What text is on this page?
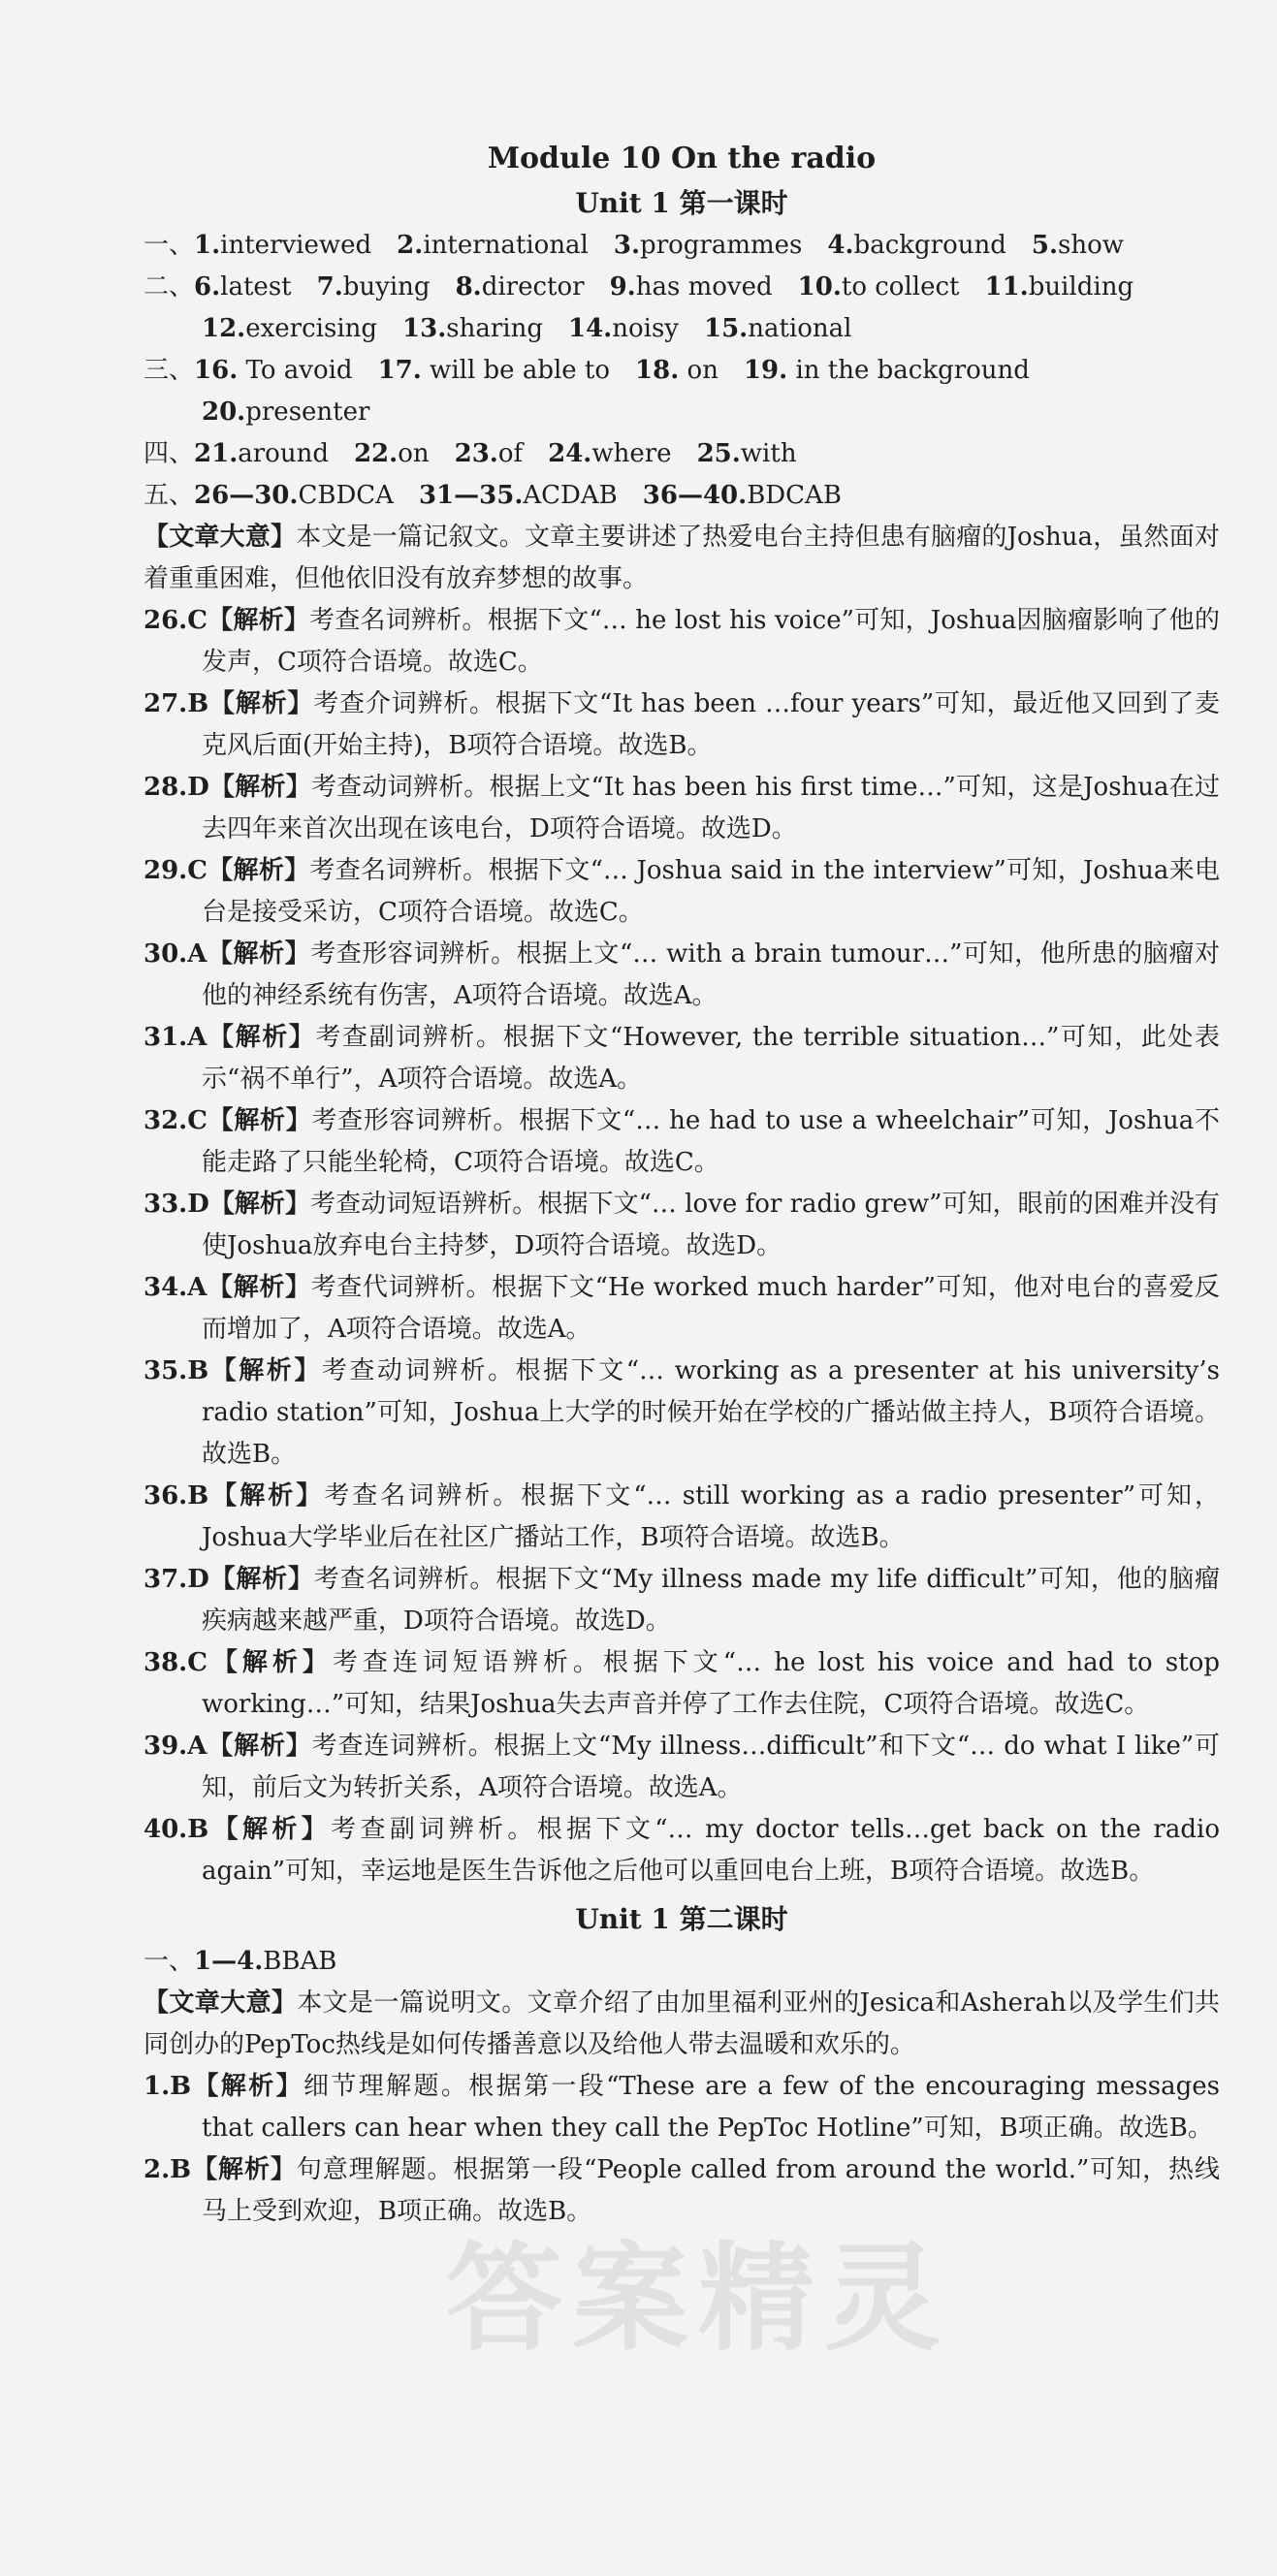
Module 10 On the radio
Unit 1 第一课时

一、1.interviewed 2.international 3.programmes 4.background 5.show

二、6.latest 7.buying 8.director 9.has moved 10.to collect 11.building

12.exercising 13.sharing 14.noisy 15.national

三、16. To avoid 17. will be able to 18. on 19. in the background

20.presenter

四、21.around 22.on 23.of 24.where 25.with

五、26—30.CBDCA 31—35.ACDAB 36—40.BDCAB

【文章大意】本文是一篇记叙文。文章主要讲述了热爱电台主持但患有脑瘤的Joshua，虽然面对着重重困难，但他依旧没有放弃梦想的故事。

26.C【解析】考查名词辨析。根据下文“… he lost his voice”可知，Joshua因脑瘤影响了他的发声，C项符合语境。故选C。

27.B【解析】考查介词辨析。根据下文“It has been …four years”可知，最近他又回到了麦克风后面(开始主持)，B项符合语境。故选B。

28.D【解析】考查动词辨析。根据上文“It has been his first time…”可知，这是Joshua在过去四年来首次出现在该电台，D项符合语境。故选D。

29.C【解析】考查名词辨析。根据下文“… Joshua said in the interview”可知，Joshua来电台是接受采访，C项符合语境。故选C。

30.A【解析】考查形容词辨析。根据上文“… with a brain tumour…”可知，他所患的脑瘤对他的神经系统有伤害，A项符合语境。故选A。

31.A【解析】考查副词辨析。根据下文“However, the terrible situation…”可知，此处表示“祸不单行”，A项符合语境。故选A。

32.C【解析】考查形容词辨析。根据下文“… he had to use a wheelchair”可知，Joshua不能走路了只能坐轮椅，C项符合语境。故选C。

33.D【解析】考查动词短语辨析。根据下文“… love for radio grew”可知，眼前的困难并没有使Joshua放弃电台主持梦，D项符合语境。故选D。

34.A【解析】考查代词辨析。根据下文“He worked much harder”可知，他对电台的喜爱反而增加了，A项符合语境。故选A。

35.B【解析】考查动词辨析。根据下文“… working as a presenter at his university’s radio station”可知，Joshua上大学的时候开始在学校的广播站做主持人，B项符合语境。故选B。

36.B【解析】考查名词辨析。根据下文“… still working as a radio presenter”可知，Joshua大学毕业后在社区广播站工作，B项符合语境。故选B。

37.D【解析】考查名词辨析。根据下文“My illness made my life difficult”可知，他的脑瘤疾病越来越严重，D项符合语境。故选D。

38.C【解析】考查连词短语辨析。根据下文“… he lost his voice and had to stop working…”可知，结果Joshua失去声音并停了工作去住院，C项符合语境。故选C。

39.A【解析】考查连词辨析。根据上文“My illness…difficult”和下文“… do what I like”可知，前后文为转折关系，A项符合语境。故选A。

40.B【解析】考查副词辨析。根据下文“… my doctor tells…get back on the radio again”可知，幸运地是医生告诉他之后他可以重回电台上班，B项符合语境。故选B。

Unit 1 第二课时

一、1—4.BBAB

【文章大意】本文是一篇说明文。文章介绍了由加里福利亚州的Jesica和Asherah以及学生们共同创办的PepToc热线是如何传播善意以及给他人带去温暖和欢乐的。

1.B【解析】细节理解题。根据第一段“These are a few of the encouraging messages that callers can hear when they call the PepToc Hotline”可知，B项正确。故选B。

2.B【解析】句意理解题。根据第一段“People called from around the world.”可知，热线马上受到欢迎，B项正确。故选B。

答案精灵
